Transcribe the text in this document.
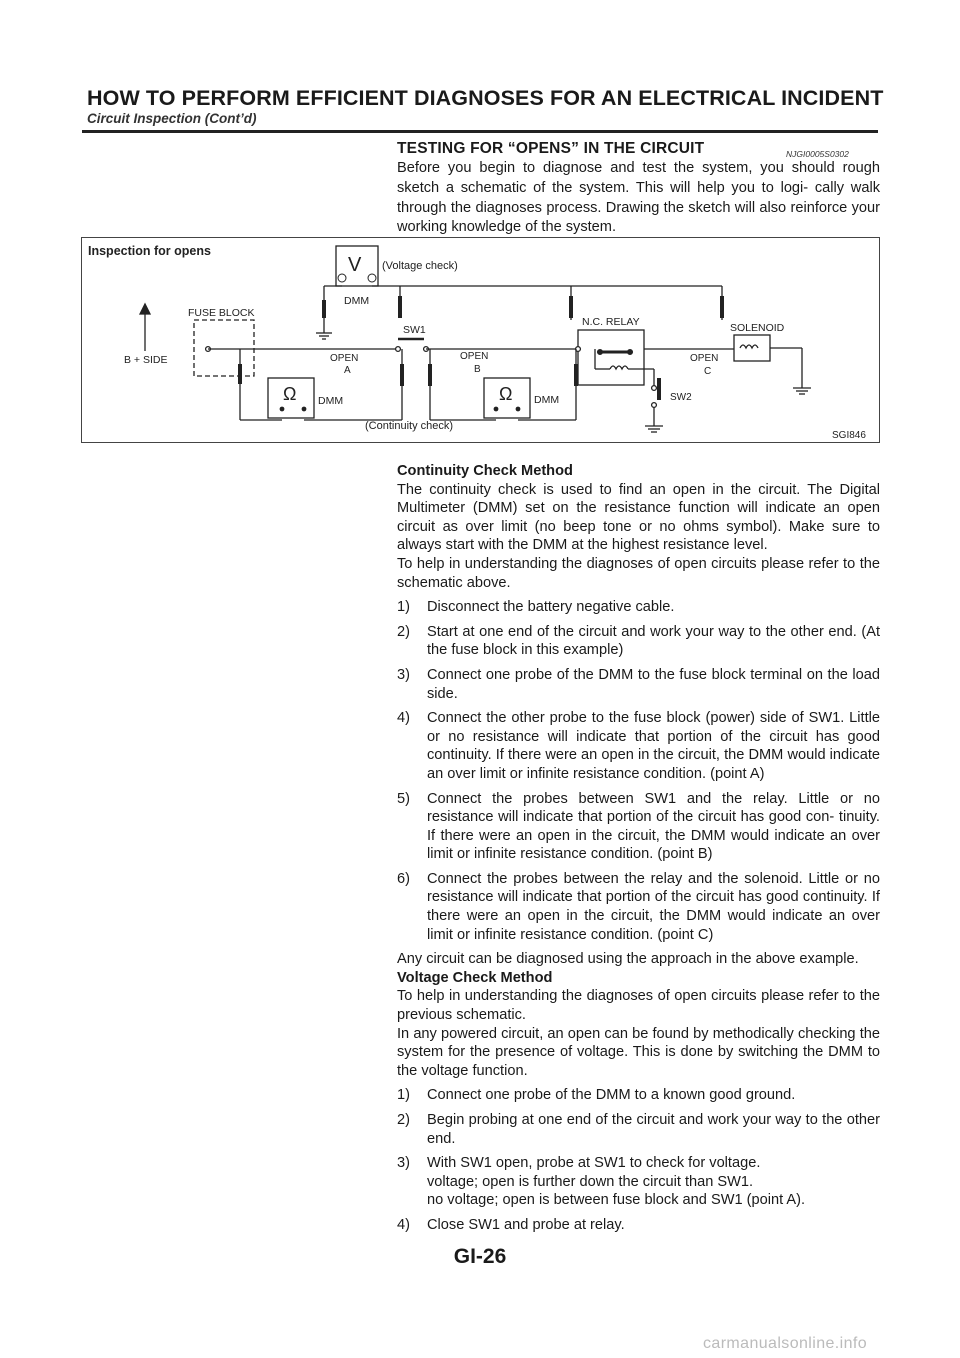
HOW TO PERFORM EFFICIENT DIAGNOSES FOR AN ELECTRICAL INCIDENT
Circuit Inspection (Cont’d)
TESTING FOR “OPENS” IN THE CIRCUIT	NJGI0005S0302
Before you begin to diagnose and test the system, you should rough sketch a schematic of the system. This will help you to logi- cally walk through the diagnoses process. Drawing the sketch will also reinforce your working knowledge of the system.
Inspection for opens
V (Voltage check)
DMM
FUSE BLOCK
B + SIDE
SW1
OPEN
A
OPEN
B
OPEN
C
N.C. RELAY	SOLENOID
SW2
Ω	Ω
DMM	DMM
(Continuity check)
SGI846

Continuity Check Method

The continuity check is used to find an open in the circuit. The Digital Multimeter (DMM) set on the resistance function will indicate an open circuit as over limit (no beep tone or no ohms symbol). Make sure to always start with the DMM at the highest resistance level.

To help in understanding the diagnoses of open circuits please refer to the schematic above.

1)	Disconnect the battery negative cable.
2)	Start at one end of the circuit and work your way to the other end. (At the fuse block in this example)
3)	Connect one probe of the DMM to the fuse block terminal on the load side.
4)	Connect the other probe to the fuse block (power) side of SW1. Little or no resistance will indicate that portion of the circuit has good continuity. If there were an open in the circuit, the DMM would indicate an over limit or infinite resistance condition. (point A)
5)	Connect the probes between SW1 and the relay. Little or no resistance will indicate that portion of the circuit has good con- tinuity. If there were an open in the circuit, the DMM would indicate an over limit or infinite resistance condition. (point B)
6)	Connect the probes between the relay and the solenoid. Little or no resistance will indicate that portion of the circuit has good continuity. If there were an open in the circuit, the DMM would indicate an over limit or infinite resistance condition. (point C)

Any circuit can be diagnosed using the approach in the above example.

Voltage Check Method

To help in understanding the diagnoses of open circuits please refer to the previous schematic.

In any powered circuit, an open can be found by methodically checking the system for the presence of voltage. This is done by switching the DMM to the voltage function.

1)	Connect one probe of the DMM to a known good ground.
2)	Begin probing at one end of the circuit and work your way to the other end.
3)	With SW1 open, probe at SW1 to check for voltage.
voltage; open is further down the circuit than SW1.
no voltage; open is between fuse block and SW1 (point A).
4)	Close SW1 and probe at relay.
GI-26
carmanualsonline.info
